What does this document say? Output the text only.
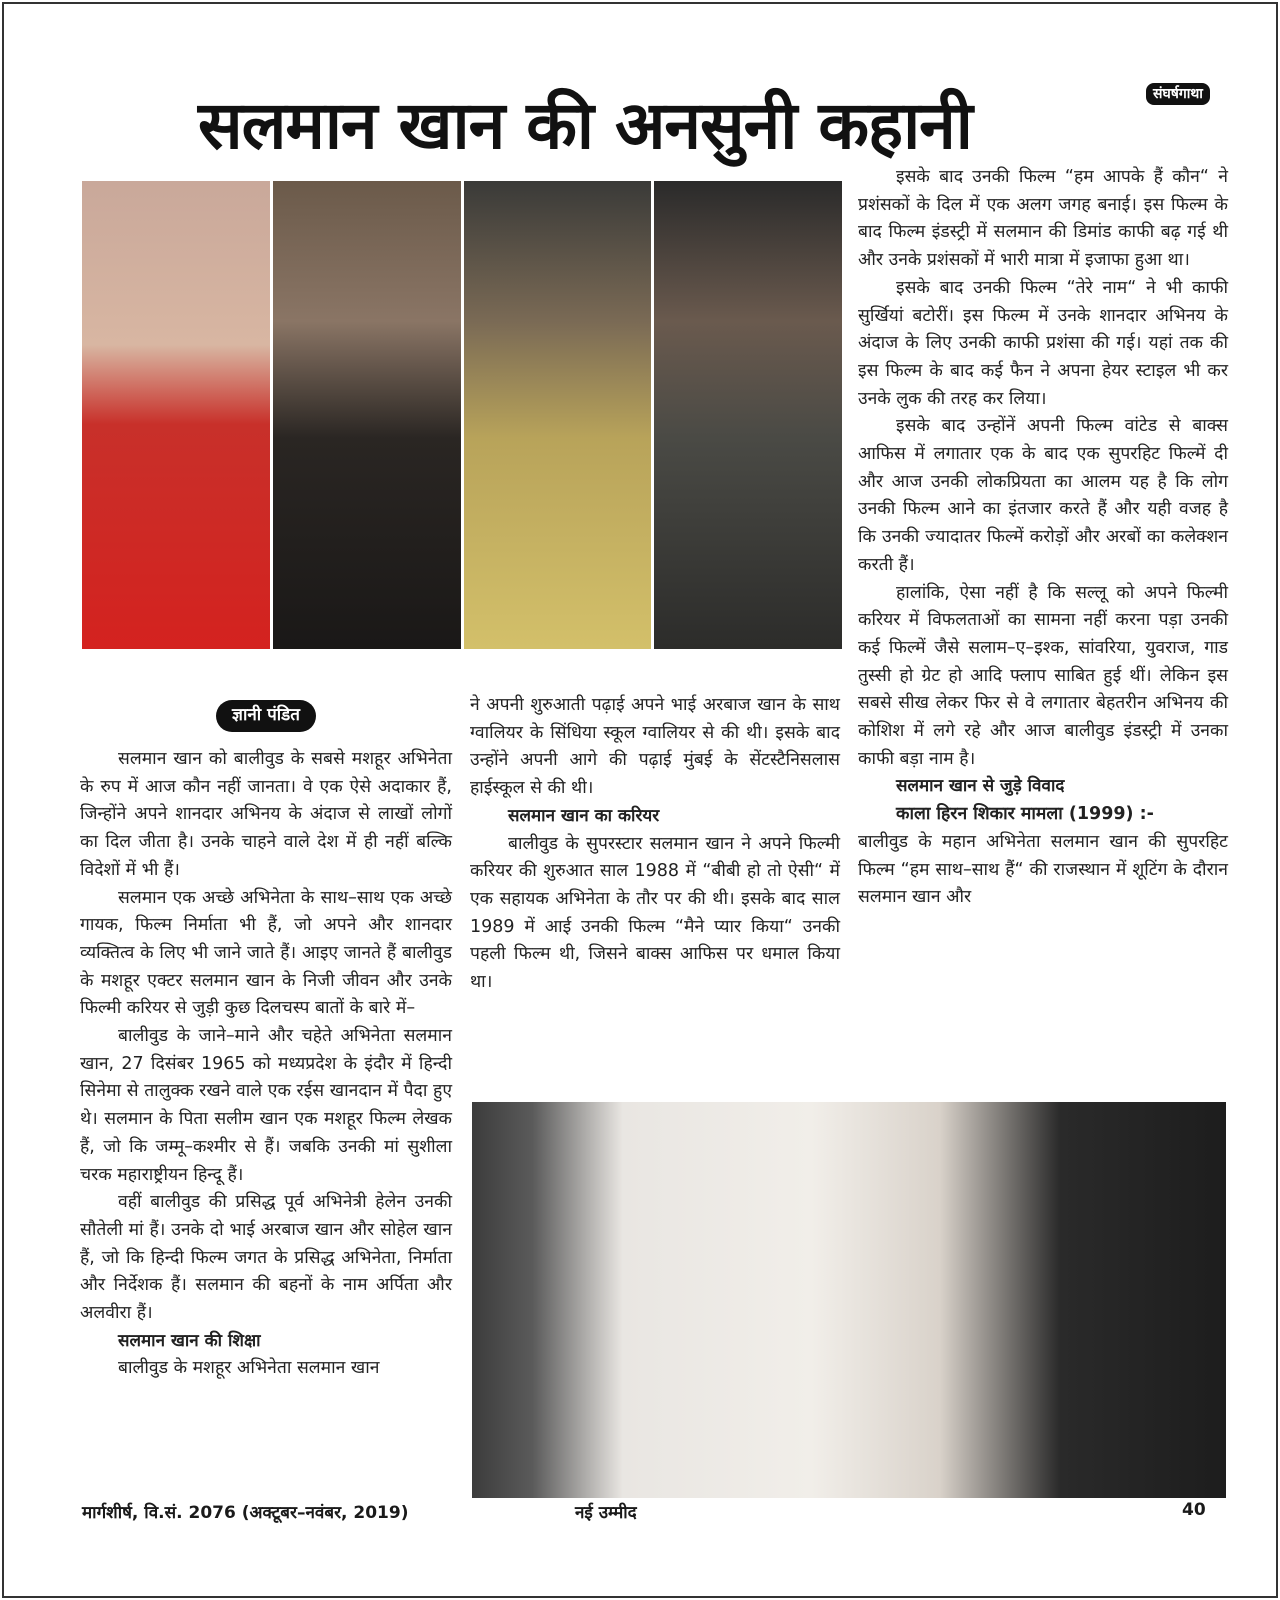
सलमान खान की अनसुनी कहानी	संघर्षगाथा
ज्ञानी पंडित

सलमान खान को बालीवुड के सबसे मशहूर अभिनेता के रुप में आज कौन नहीं जानता। वे एक ऐसे अदाकार हैं, जिन्होंने अपने शानदार अभिनय के अंदाज से लाखों लोगों का दिल जीता है। उनके चाहने वाले देश में ही नहीं बल्कि विदेशों में भी हैं।

सलमान एक अच्छे अभिनेता के साथ–साथ एक अच्छे गायक, फिल्म निर्माता भी हैं, जो अपने और शानदार व्यक्तित्व के लिए भी जाने जाते हैं। आइए जानते हैं बालीवुड के मशहूर एक्टर सलमान खान के निजी जीवन और उनके फिल्मी करियर से जुड़ी कुछ दिलचस्प बातों के बारे में–

बालीवुड के जाने–माने और चहेते अभिनेता सलमान खान, 27 दिसंबर 1965 को मध्यप्रदेश के इंदौर में हिन्दी सिनेमा से तालुक्क रखने वाले एक रईस खानदान में पैदा हुए थे। सलमान के पिता सलीम खान एक मशहूर फिल्म लेखक हैं, जो कि जम्मू–कश्मीर से हैं। जबकि उनकी मां सुशीला चरक महाराष्ट्रीयन हिन्दू हैं।

वहीं बालीवुड की प्रसिद्ध पूर्व अभिनेत्री हेलेन उनकी सौतेली मां हैं। उनके दो भाई अरबाज खान और सोहेल खान हैं, जो कि हिन्दी फिल्म जगत के प्रसिद्ध अभिनेता, निर्माता और निर्देशक हैं। सलमान की बहनों के नाम अर्पिता और अलवीरा हैं।

सलमान खान की शिक्षा

बालीवुड के मशहूर अभिनेता सलमान खान

ने अपनी शुरुआती पढ़ाई अपने भाई अरबाज खान के साथ ग्वालियर के सिंधिया स्कूल ग्वालियर से की थी। इसके बाद उन्होंने अपनी आगे की पढ़ाई मुंबई के सेंटस्टैनिसलास हाईस्कूल से की थी।

सलमान खान का करियर

बालीवुड के सुपरस्टार सलमान खान ने अपने फिल्मी करियर की शुरुआत साल 1988 में “बीबी हो तो ऐसी“ में एक सहायक अभिनेता के तौर पर की थी। इसके बाद साल 1989 में आई उनकी फिल्म “मैने प्यार किया“ उनकी पहली फिल्म थी, जिसने बाक्स आफिस पर धमाल किया था।

इसके बाद उनकी फिल्म “हम आपके हैं कौन“ ने प्रशंसकों के दिल में एक अलग जगह बनाई। इस फिल्म के बाद फिल्म इंडस्ट्री में सलमान की डिमांड काफी बढ़ गई थी और उनके प्रशंसकों में भारी मात्रा में इजाफा हुआ था।

इसके बाद उनकी फिल्म “तेरे नाम“ ने भी काफी सुर्खियां बटोरीं। इस फिल्म में उनके शानदार अभिनय के अंदाज के लिए उनकी काफी प्रशंसा की गई। यहां तक की इस फिल्म के बाद कई फैन ने अपना हेयर स्टाइल भी कर उनके लुक की तरह कर लिया।

इसके बाद उन्होंनें अपनी फिल्म वांटेड से बाक्स आफिस में लगातार एक के बाद एक सुपरहिट फिल्में दी और आज उनकी लोकप्रियता का आलम यह है कि लोग उनकी फिल्म आने का इंतजार करते हैं और यही वजह है कि उनकी ज्यादातर फिल्में करोड़ों और अरबों का कलेक्शन करती हैं।

हालांकि, ऐसा नहीं है कि सल्लू को अपने फिल्मी करियर में विफलताओं का सामना नहीं करना पड़ा उनकी कई फिल्में जैसे सलाम–ए–इश्क, सांवरिया, युवराज, गाड तुस्सी हो ग्रेट हो आदि फ्लाप साबित हुई थीं। लेकिन इस सबसे सीख लेकर फिर से वे लगातार बेहतरीन अभिनय की कोशिश में लगे रहे और आज बालीवुड इंडस्ट्री में उनका काफी बड़ा नाम है।

सलमान खान से जुड़े विवाद

काला हिरन शिकार मामला (1999) :-

बालीवुड के महान अभिनेता सलमान खान की सुपरहिट फिल्म “हम साथ–साथ हैं“ की राजस्थान में शूटिंग के दौरान सलमान खान और

मार्गशीर्ष, वि.सं. 2076 (अक्टूबर–नवंबर, 2019)	नई उम्मीद	40
